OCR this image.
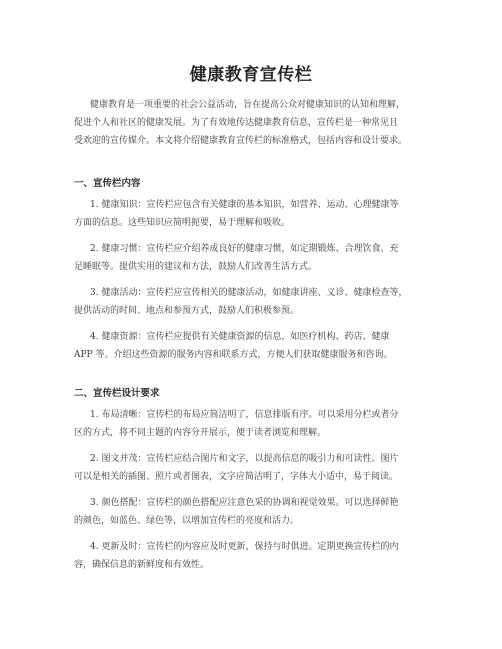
健康教育宣传栏
健康教育是一项重要的社会公益活动，旨在提高公众对健康知识的认知和理解，
促进个人和社区的健康发展。为了有效地传达健康教育信息，宣传栏是一种常见且
受欢迎的宣传媒介。本文将介绍健康教育宣传栏的标准格式，包括内容和设计要求。
一、宣传栏内容
1. 健康知识：宣传栏应包含有关健康的基本知识，如营养、运动、心理健康等
方面的信息。这些知识应简明扼要，易于理解和吸收。
2. 健康习惯：宣传栏应介绍养成良好的健康习惯，如定期锻炼、合理饮食、充
足睡眠等。提供实用的建议和方法，鼓励人们改善生活方式。
3. 健康活动：宣传栏应宣传相关的健康活动，如健康讲座、义诊、健康检查等，
提供活动的时间、地点和参预方式，鼓励人们积极参预。
4. 健康资源：宣传栏应提供有关健康资源的信息，如医疗机构、药店、健康
APP 等。介绍这些资源的服务内容和联系方式，方便人们获取健康服务和咨询。
二、宣传栏设计要求
1. 布局清晰：宣传栏的布局应简洁明了，信息排版有序。可以采用分栏或者分
区的方式，将不同主题的内容分开展示，便于读者浏览和理解。
2. 图文并茂：宣传栏应结合图片和文字，以提高信息的吸引力和可读性。图片
可以是相关的插图、照片或者图表，文字应简洁明了，字体大小适中，易于阅读。
3. 颜色搭配：宣传栏的颜色搭配应注意色采的协调和视觉效果。可以选择鲜艳
的颜色，如蓝色、绿色等，以增加宣传栏的亮度和活力。
4. 更新及时：宣传栏的内容应及时更新，保持与时俱进。定期更换宣传栏的内
容，确保信息的新鲜度和有效性。
